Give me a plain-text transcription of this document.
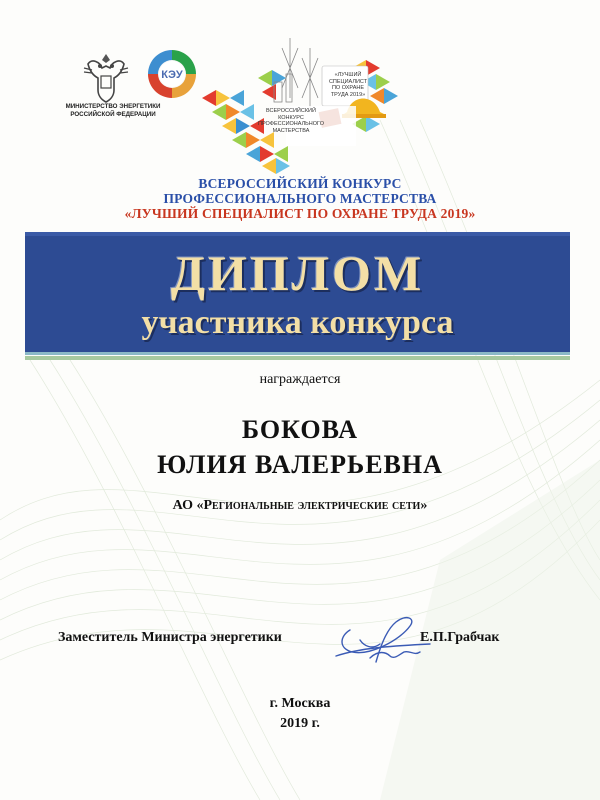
МИНИСТЕРСТВО ЭНЕРГЕТИКИ РОССИЙСКОЙ ФЕДЕРАЦИИ
КЭУ	«ЛУЧШИЙ СПЕЦИАЛИСТ ПО ОХРАНЕ ТРУДА 2019»
ВСЕРОССИЙСКИЙ КОНКУРС ПРОФЕССИОНАЛЬНОГО МАСТЕРСТВА
ВСЕРОССИЙСКИЙ КОНКУРС
ПРОФЕССИОНАЛЬНОГО МАСТЕРСТВА
«ЛУЧШИЙ СПЕЦИАЛИСТ ПО ОХРАНЕ ТРУДА 2019»
ДИПЛОМ
участника конкурса
награждается
БОКОВА
ЮЛИЯ ВАЛЕРЬЕВНА
АО «Региональные электрические сети»
Заместитель Министра энергетики	Е.П.Грабчак
г. Москва
2019 г.
